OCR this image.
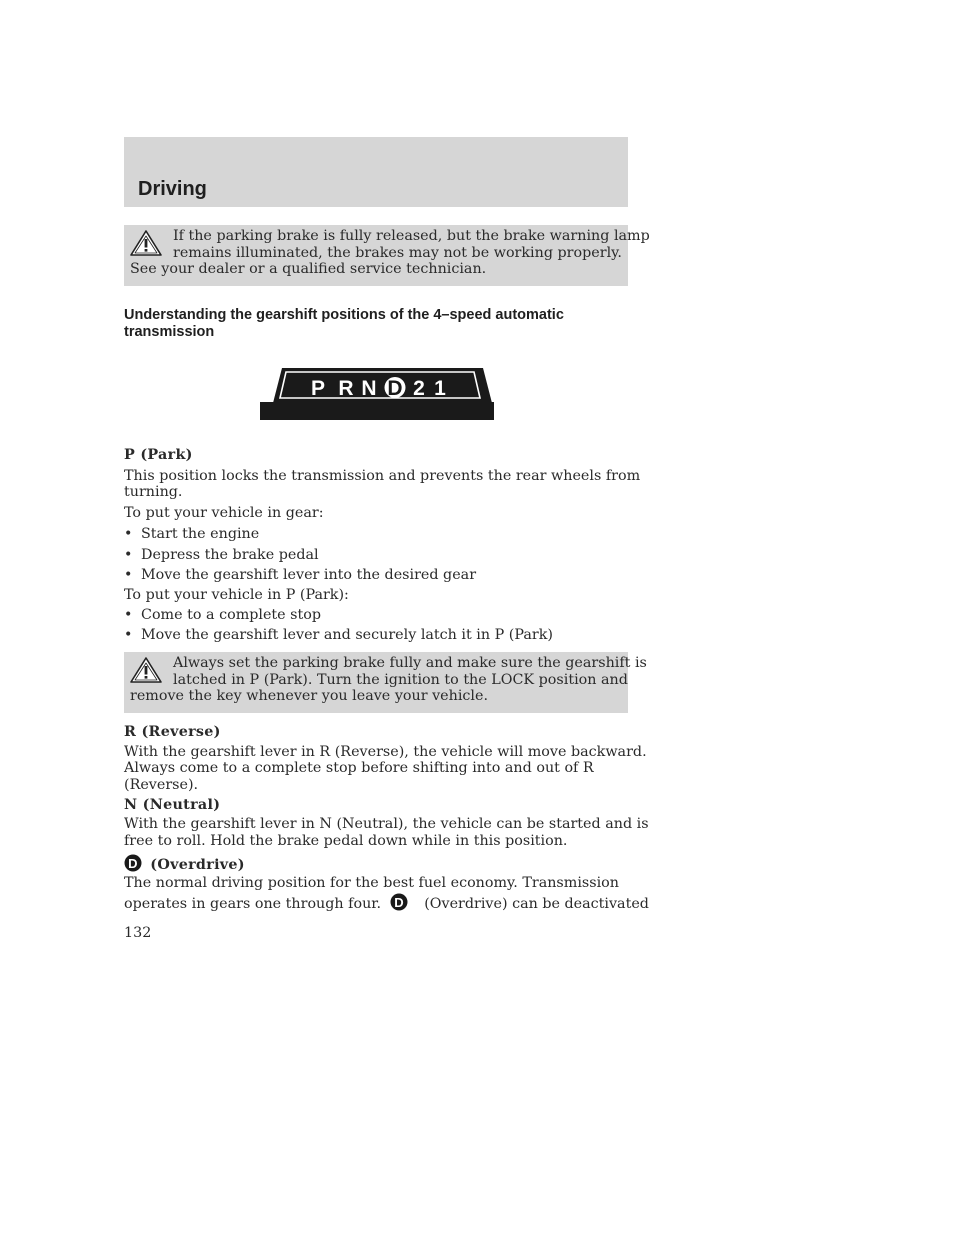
Driving
If the parking brake is fully released, but the brake warning lamp
remains illuminated, the brakes may not be working properly.
See your dealer or a qualified service technician.
Understanding the gearshift positions of the 4–speed automatic transmission
P R N D 2 1
P (Park)
This position locks the transmission and prevents the rear wheels from
turning.
To put your vehicle in gear:
• Start the engine
• Depress the brake pedal
• Move the gearshift lever into the desired gear
To put your vehicle in P (Park):
• Come to a complete stop
• Move the gearshift lever and securely latch it in P (Park)
Always set the parking brake fully and make sure the gearshift is
latched in P (Park). Turn the ignition to the LOCK position and
remove the key whenever you leave your vehicle.
R (Reverse)
With the gearshift lever in R (Reverse), the vehicle will move backward.
Always come to a complete stop before shifting into and out of R
(Reverse).
N (Neutral)
With the gearshift lever in N (Neutral), the vehicle can be started and is
free to roll. Hold the brake pedal down while in this position.
D (Overdrive)
The normal driving position for the best fuel economy. Transmission
operates in gears one through four. D (Overdrive) can be deactivated
132
